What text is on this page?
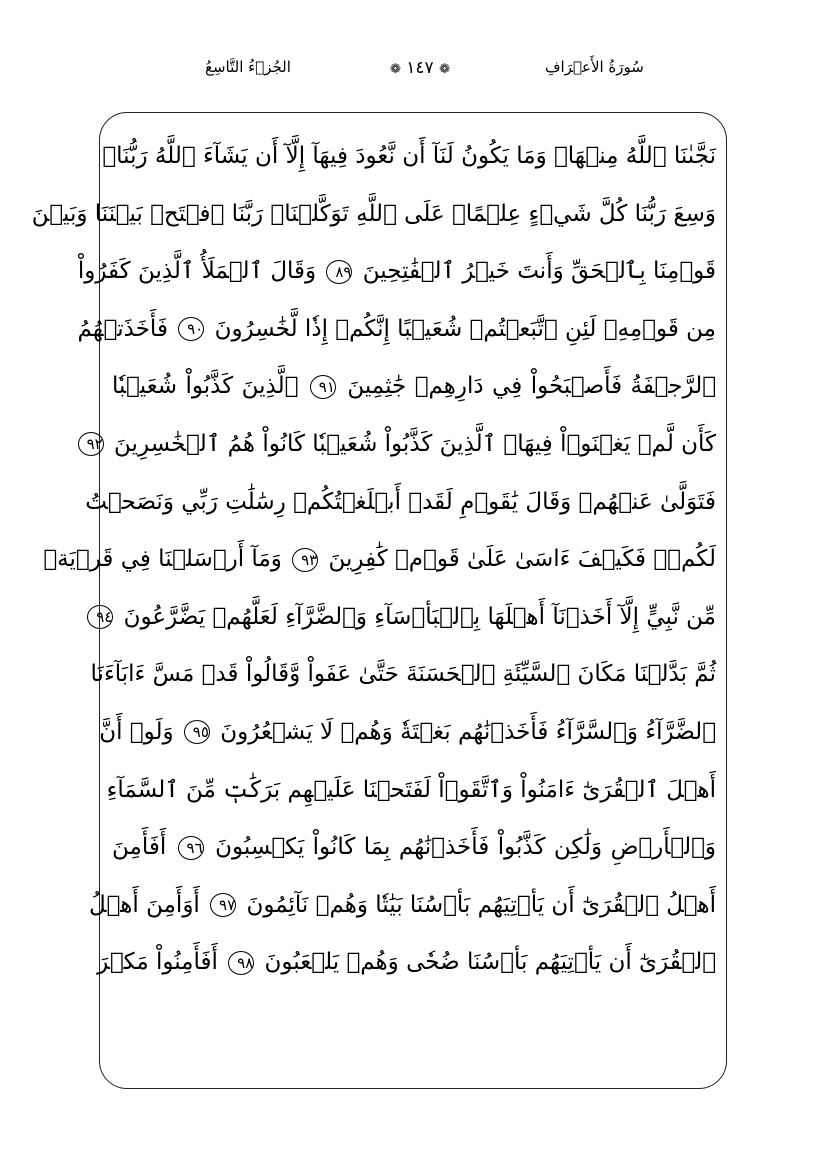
الجُزۡءُ التَّاسِعُ	❁ ١٤٧ ❁	سُورَةُ الأَعۡرَافِ
نَجَّىٰنَا ٱللَّهُ مِنۡهَاۚ وَمَا يَكُونُ لَنَآ أَن نَّعُودَ فِيهَآ إِلَّآ أَن يَشَآءَ ٱللَّهُ رَبُّنَاۚ
وَسِعَ رَبُّنَا كُلَّ شَيۡءٍ عِلۡمًاۚ عَلَى ٱللَّهِ تَوَكَّلۡنَاۚ رَبَّنَا ٱفۡتَحۡ بَيۡنَنَا وَبَيۡنَ
قَوۡمِنَا بِٱلۡحَقِّ وَأَنتَ خَيۡرُ ٱلۡفَٰتِحِينَ ٨٩ وَقَالَ ٱلۡمَلَأُ ٱلَّذِينَ كَفَرُواْ
مِن قَوۡمِهِۦ لَئِنِ ٱتَّبَعۡتُمۡ شُعَيۡبًا إِنَّكُمۡ إِذٗا لَّخَٰسِرُونَ ٩٠ فَأَخَذَتۡهُمُ
ٱلرَّجۡفَةُ فَأَصۡبَحُواْ فِي دَارِهِمۡ جَٰثِمِينَ ٩١ ٱلَّذِينَ كَذَّبُواْ شُعَيۡبٗا
كَأَن لَّمۡ يَغۡنَوۡاْ فِيهَاۚ ٱلَّذِينَ كَذَّبُواْ شُعَيۡبٗا كَانُواْ هُمُ ٱلۡخَٰسِرِينَ ٩٢
فَتَوَلَّىٰ عَنۡهُمۡ وَقَالَ يَٰقَوۡمِ لَقَدۡ أَبۡلَغۡتُكُمۡ رِسَٰلَٰتِ رَبِّي وَنَصَحۡتُ
لَكُمۡۖ فَكَيۡفَ ءَاسَىٰ عَلَىٰ قَوۡمٖ كَٰفِرِينَ ٩٣ وَمَآ أَرۡسَلۡنَا فِي قَرۡيَةٖ
مِّن نَّبِيٍّ إِلَّآ أَخَذۡنَآ أَهۡلَهَا بِٱلۡبَأۡسَآءِ وَٱلضَّرَّآءِ لَعَلَّهُمۡ يَضَّرَّعُونَ ٩٤
ثُمَّ بَدَّلۡنَا مَكَانَ ٱلسَّيِّئَةِ ٱلۡحَسَنَةَ حَتَّىٰ عَفَواْ وَّقَالُواْ قَدۡ مَسَّ ءَابَآءَنَا
ٱلضَّرَّآءُ وَٱلسَّرَّآءُ فَأَخَذۡنَٰهُم بَغۡتَةٗ وَهُمۡ لَا يَشۡعُرُونَ ٩٥ وَلَوۡ أَنَّ
أَهۡلَ ٱلۡقُرَىٰٓ ءَامَنُواْ وَٱتَّقَوۡاْ لَفَتَحۡنَا عَلَيۡهِم بَرَكَٰتٖ مِّنَ ٱلسَّمَآءِ
وَٱلۡأَرۡضِ وَلَٰكِن كَذَّبُواْ فَأَخَذۡنَٰهُم بِمَا كَانُواْ يَكۡسِبُونَ ٩٦ أَفَأَمِنَ
أَهۡلُ ٱلۡقُرَىٰٓ أَن يَأۡتِيَهُم بَأۡسُنَا بَيَٰتٗا وَهُمۡ نَآئِمُونَ ٩٧ أَوَأَمِنَ أَهۡلُ
ٱلۡقُرَىٰٓ أَن يَأۡتِيَهُم بَأۡسُنَا ضُحٗى وَهُمۡ يَلۡعَبُونَ ٩٨ أَفَأَمِنُواْ مَكۡرَ
